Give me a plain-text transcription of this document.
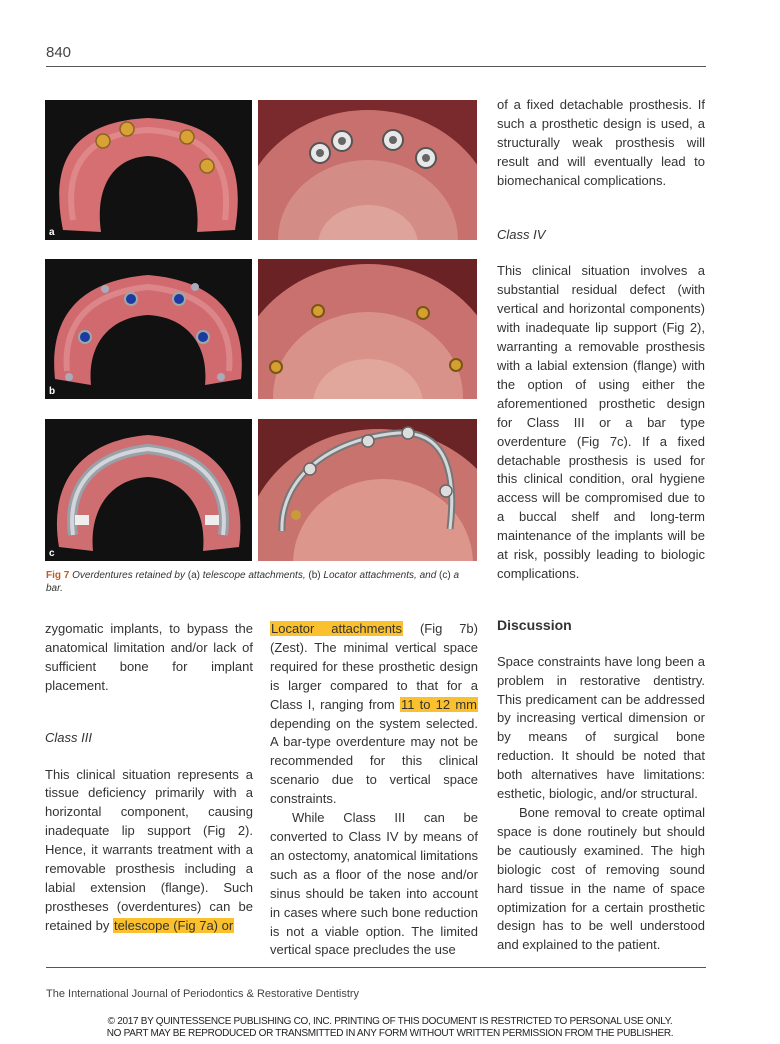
840
a
b
c
Fig 7 Overdentures retained by (a) telescope attachments, (b) Locator attachments, and (c) a bar.

of a fixed detachable prosthesis. If such a prosthetic design is used, a structurally weak prosthesis will result and will eventually lead to biomechanical complications.

Class IV

This clinical situation involves a substantial residual defect (with vertical and horizontal components) with inadequate lip support (Fig 2), warranting a removable prosthesis with a labial extension (flange) with the option of using either the aforementioned prosthetic design for Class III or a bar type overdenture (Fig 7c). If a fixed detachable prosthesis is used for this clinical condition, oral hygiene access will be compromised due to a buccal shelf and long-term maintenance of the implants will be at risk, possibly leading to biologic complications.

Discussion

Space constraints have long been a problem in restorative dentistry. This predicament can be addressed by increasing vertical dimension or by means of surgical bone reduction. It should be noted that both alternatives have limitations: esthetic, biologic, and/or structural.

Bone removal to create optimal space is done routinely but should be cautiously examined. The high biologic cost of removing sound hard tissue in the name of space optimization for a certain prosthetic design has to be well understood and explained to the patient.

zygomatic implants, to bypass the anatomical limitation and/or lack of sufficient bone for implant placement.

Class III

This clinical situation represents a tissue deficiency primarily with a horizontal component, causing inadequate lip support (Fig 2). Hence, it warrants treatment with a removable prosthesis including a labial extension (flange). Such prostheses (overdentures) can be retained by telescope (Fig 7a) or

Locator attachments (Fig 7b) (Zest). The minimal vertical space required for these prosthetic design is larger compared to that for a Class I, ranging from 11 to 12 mm depending on the system selected. A bar-type overdenture may not be recommended for this clinical scenario due to vertical space constraints.

While Class III can be converted to Class IV by means of an ostectomy, anatomical limitations such as a floor of the nose and/or sinus should be taken into account in cases where such bone reduction is not a viable option. The limited vertical space precludes the use

The International Journal of Periodontics & Restorative Dentistry
© 2017 BY QUINTESSENCE PUBLISHING CO, INC. PRINTING OF THIS DOCUMENT IS RESTRICTED TO PERSONAL USE ONLY.
NO PART MAY BE REPRODUCED OR TRANSMITTED IN ANY FORM WITHOUT WRITTEN PERMISSION FROM THE PUBLISHER.
